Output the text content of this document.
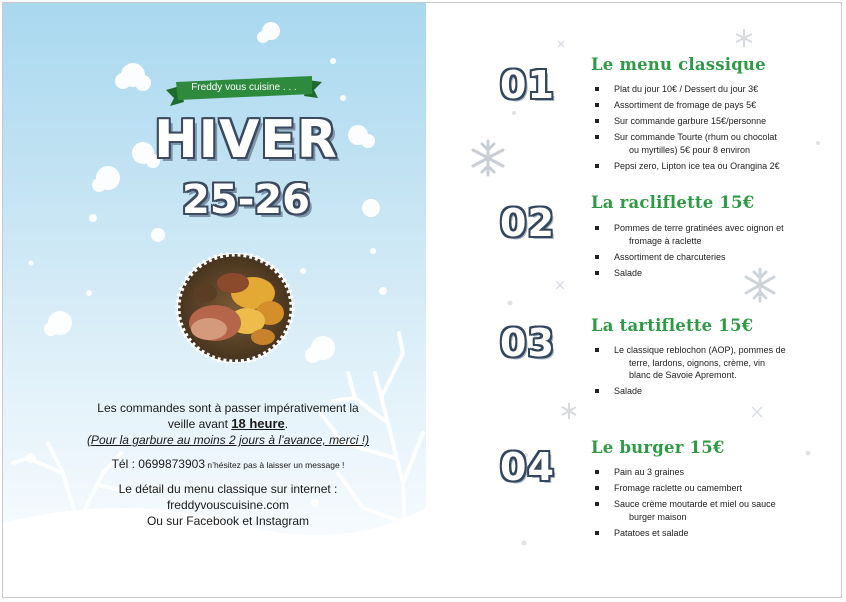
Freddy vous cuisine . . .
HIVER
25-26
Les commandes sont à passer impérativement la
veille avant 18 heure.
(Pour la garbure au moins 2 jours à l’avance, merci !)
Tél : 0699873903 n’hésitez pas à laisser un message !
Le détail du menu classique sur internet :
freddyvouscuisine.com
Ou sur Facebook et Instagram
01	Le menu classique
Plat du jour 10€ / Dessert du jour 3€
Assortiment de fromage de pays 5€
Sur commande garbure 15€/personne
Sur commande Tourte (rhum ou chocolat
ou myrtilles) 5€ pour 8 environ
Pepsi zero, Lipton ice tea ou Orangina 2€
02	La racliflette 15€
Pommes de terre gratinées avec oignon et
fromage à raclette
Assortiment de charcuteries
Salade
03	La tartiflette 15€
Le classique reblochon (AOP), pommes de
terre, lardons, oignons, crème, vin
blanc de Savoie Apremont.
Salade
04	Le burger 15€
Pain au 3 graines
Fromage raclette ou camembert
Sauce crème moutarde et miel ou sauce
burger maison
Patatoes et salade
